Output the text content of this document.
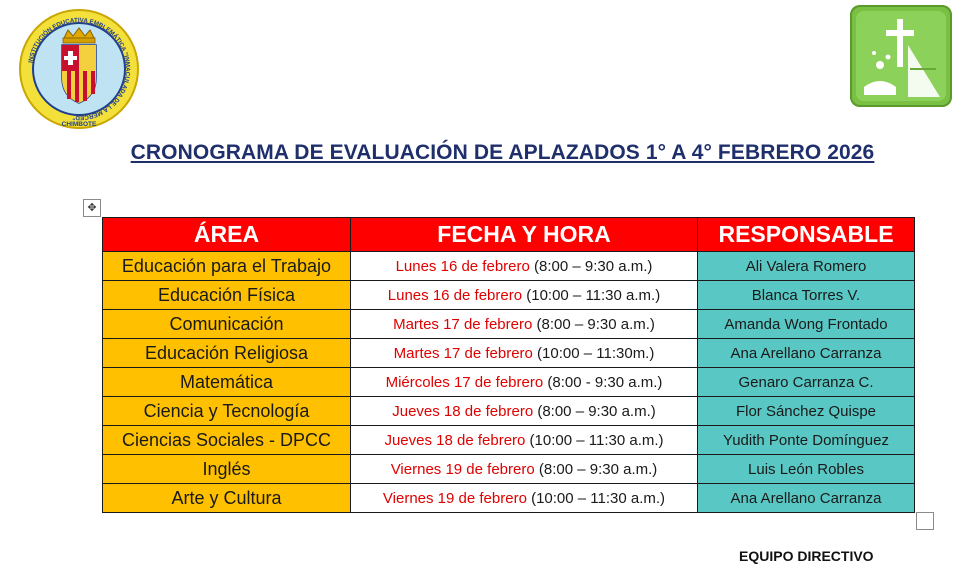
INSTITUCIÓN EDUCATIVA EMBLEMÁTICA "INMACULADA DE LA MERCED"
CHIMBOTE
CRONOGRAMA DE EVALUACIÓN DE APLAZADOS 1° A 4° FEBRERO 2026
✥
ÁREA	FECHA Y HORA	RESPONSABLE
Educación para el Trabajo	Lunes 16 de febrero (8:00 – 9:30 a.m.)	Ali Valera Romero
Educación Física	Lunes 16 de febrero (10:00 – 11:30 a.m.)	Blanca Torres V.
Comunicación	Martes 17 de febrero (8:00 – 9:30 a.m.)	Amanda Wong Frontado
Educación Religiosa	Martes 17 de febrero (10:00 – 11:30m.)	Ana Arellano Carranza
Matemática	Miércoles 17 de febrero (8:00 - 9:30 a.m.)	Genaro Carranza C.
Ciencia y Tecnología	Jueves 18 de febrero (8:00 – 9:30 a.m.)	Flor Sánchez Quispe
Ciencias Sociales - DPCC	Jueves 18 de febrero (10:00 – 11:30 a.m.)	Yudith Ponte Domínguez
Inglés	Viernes 19 de febrero (8:00 – 9:30 a.m.)	Luis León Robles
Arte y Cultura	Viernes 19 de febrero (10:00 – 11:30 a.m.)	Ana Arellano Carranza
EQUIPO DIRECTIVO
